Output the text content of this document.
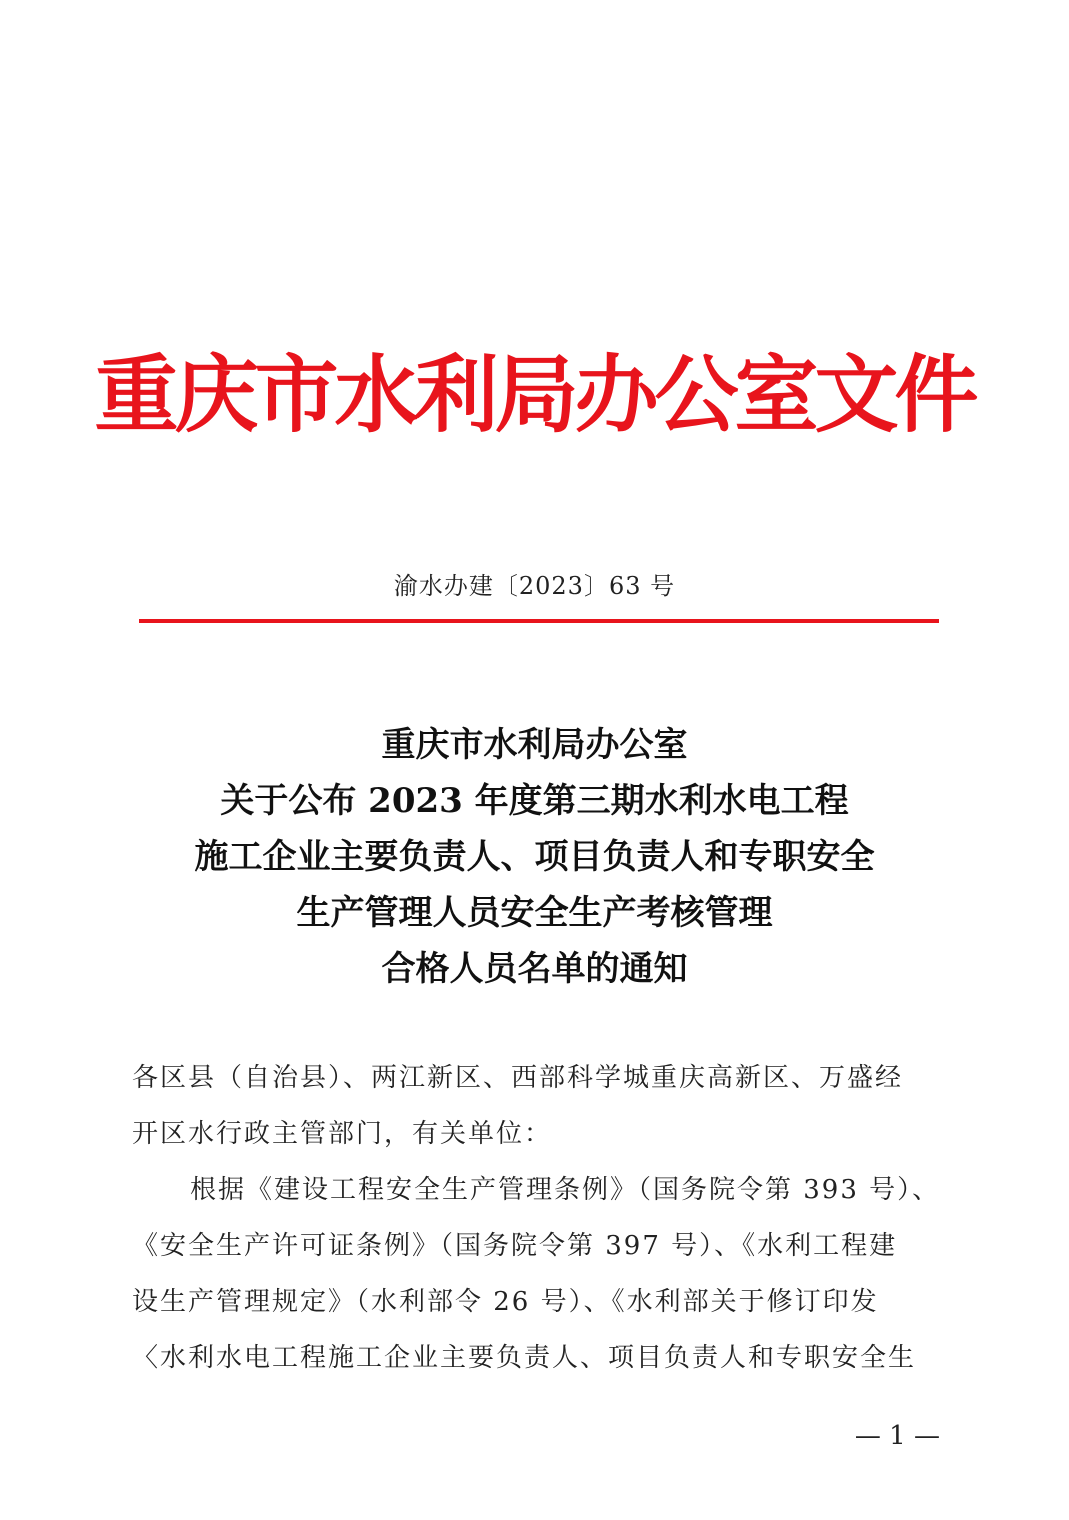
重庆市水利局办公室文件
渝水办建〔2023〕63 号
重庆市水利局办公室
关于公布 2023 年度第三期水利水电工程
施工企业主要负责人、项目负责人和专职安全
生产管理人员安全生产考核管理
合格人员名单的通知
各区县（自治县）、两江新区、西部科学城重庆高新区、万盛经
开区水行政主管部门，有关单位：
根据《建设工程安全生产管理条例》（国务院令第 393 号）、
《安全生产许可证条例》（国务院令第 397 号）、《水利工程建
设生产管理规定》（水利部令 26 号）、《水利部关于修订印发
〈水利水电工程施工企业主要负责人、项目负责人和专职安全生
— 1 —
